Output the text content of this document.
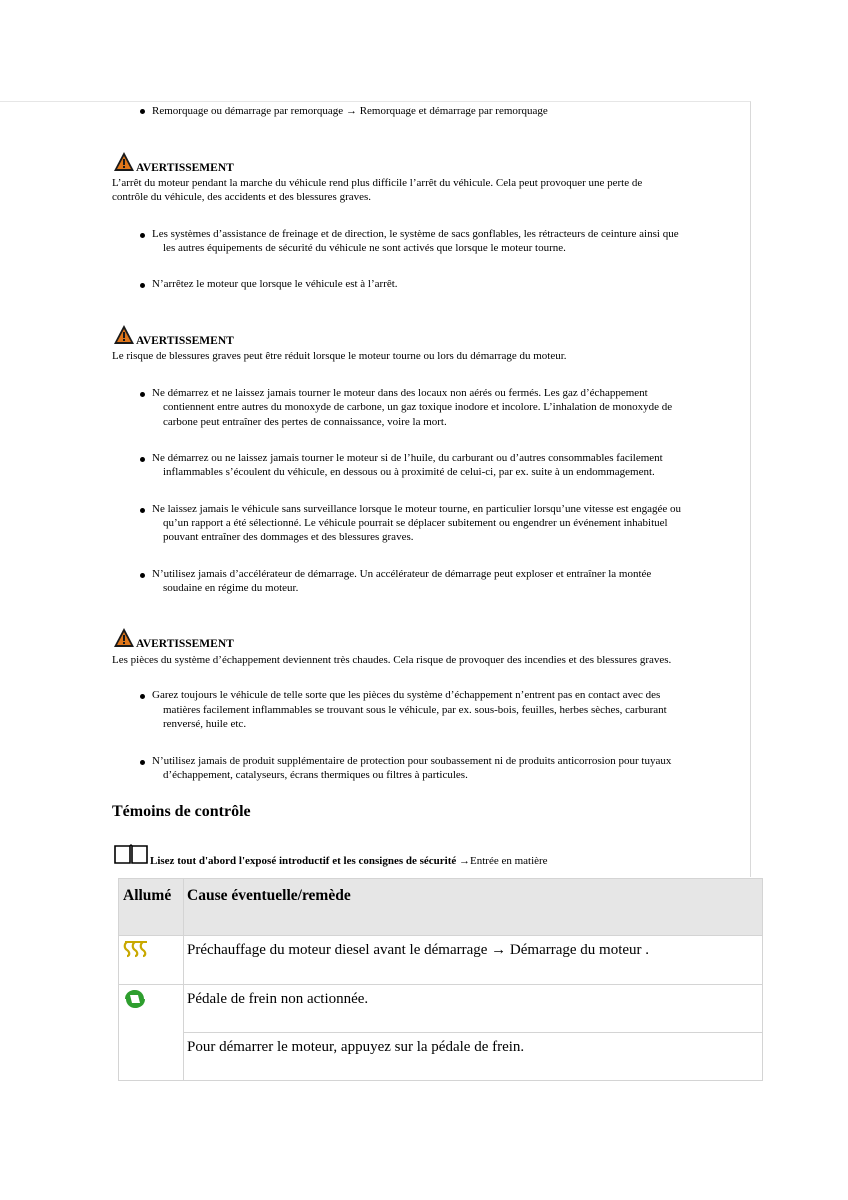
Remorquage ou démarrage par remorquage → Remorquage et démarrage par remorquage
AVERTISSEMENT
L’arrêt du moteur pendant la marche du véhicule rend plus difficile l’arrêt du véhicule. Cela peut provoquer une perte de
contrôle du véhicule, des accidents et des blessures graves.
Les systèmes d’assistance de freinage et de direction, le système de sacs gonflables, les rétracteurs de ceinture ainsi que
les autres équipements de sécurité du véhicule ne sont activés que lorsque le moteur tourne.
N’arrêtez le moteur que lorsque le véhicule est à l’arrêt.
AVERTISSEMENT
Le risque de blessures graves peut être réduit lorsque le moteur tourne ou lors du démarrage du moteur.
Ne démarrez et ne laissez jamais tourner le moteur dans des locaux non aérés ou fermés. Les gaz d’échappement
contiennent entre autres du monoxyde de carbone, un gaz toxique inodore et incolore. L’inhalation de monoxyde de
carbone peut entraîner des pertes de connaissance, voire la mort.
Ne démarrez ou ne laissez jamais tourner le moteur si de l’huile, du carburant ou d’autres consommables facilement
inflammables s’écoulent du véhicule, en dessous ou à proximité de celui-ci, par ex. suite à un endommagement.
Ne laissez jamais le véhicule sans surveillance lorsque le moteur tourne, en particulier lorsqu’une vitesse est engagée ou
qu’un rapport a été sélectionné. Le véhicule pourrait se déplacer subitement ou engendrer un événement inhabituel
pouvant entraîner des dommages et des blessures graves.
N’utilisez jamais d’accélérateur de démarrage. Un accélérateur de démarrage peut exploser et entraîner la montée
soudaine en régime du moteur.
AVERTISSEMENT
Les pièces du système d’échappement deviennent très chaudes. Cela risque de provoquer des incendies et des blessures graves.
Garez toujours le véhicule de telle sorte que les pièces du système d’échappement n’entrent pas en contact avec des
matières facilement inflammables se trouvant sous le véhicule, par ex. sous-bois, feuilles, herbes sèches, carburant
renversé, huile etc.
N’utilisez jamais de produit supplémentaire de protection pour soubassement ni de produits anticorrosion pour tuyaux
d’échappement, catalyseurs, écrans thermiques ou filtres à particules.
Témoins de contrôle
Lisez tout d'abord l'exposé introductif et les consignes de sécurité →Entrée en matière
Allumé	Cause éventuelle/remède
	Préchauffage du moteur diesel avant le démarrage → Démarrage du moteur .
	Pédale de frein non actionnée.
	Pour démarrer le moteur, appuyez sur la pédale de frein.
